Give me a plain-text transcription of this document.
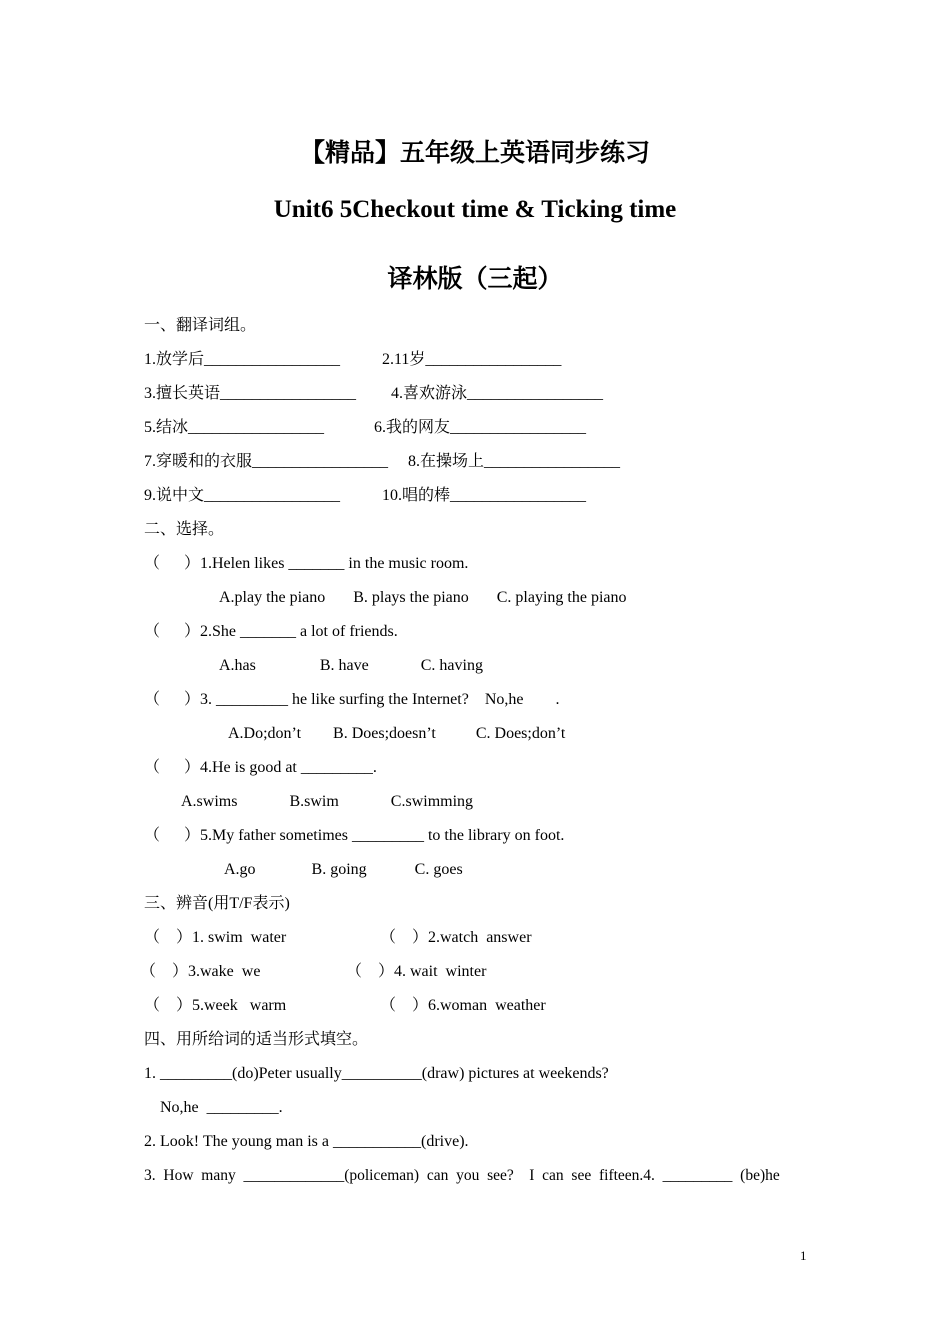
【精品】五年级上英语同步练习
Unit6 5Checkout time & Ticking time
译林版（三起）
一、翻译词组。
1.放学后_________________	2.11岁_________________
3.擅长英语_________________ 4.喜欢游泳_________________
5.结冰_________________	6.我的网友_________________
7.穿暖和的衣服_________________ 8.在操场上_________________
9.说中文_________________	10.唱的棒_________________
二、选择。
（      ）1.Helen likes _______ in the music room.
A.play the piano       B. plays the piano       C. playing the piano
（      ）2.She _______ a lot of friends.
A.has                B. have             C. having
（      ）3. _________ he like surfing the Internet?    No,he        .
A.Do;don’t        B. Does;doesn’t          C. Does;don’t
（      ）4.He is good at _________.
A.swims             B.swim             C.swimming
（      ）5.My father sometimes _________ to the library on foot.
A.go              B. going            C. goes
三、辨音(用T/F表示)
（    ）1. swim  water	（    ）2.watch  answer
（    ）3.wake  we	（    ）4. wait  winter
（    ）5.week   warm	（    ）6.woman  weather
四、用所给词的适当形式填空。
1. _________(do)Peter usually__________(draw) pictures at weekends?
No,he  _________.
2. Look! The young man is a ___________(drive).
3.  How  many  _____________(policeman)  can  you  see?    I  can  see  fifteen.4.  _________  (be)he
1
